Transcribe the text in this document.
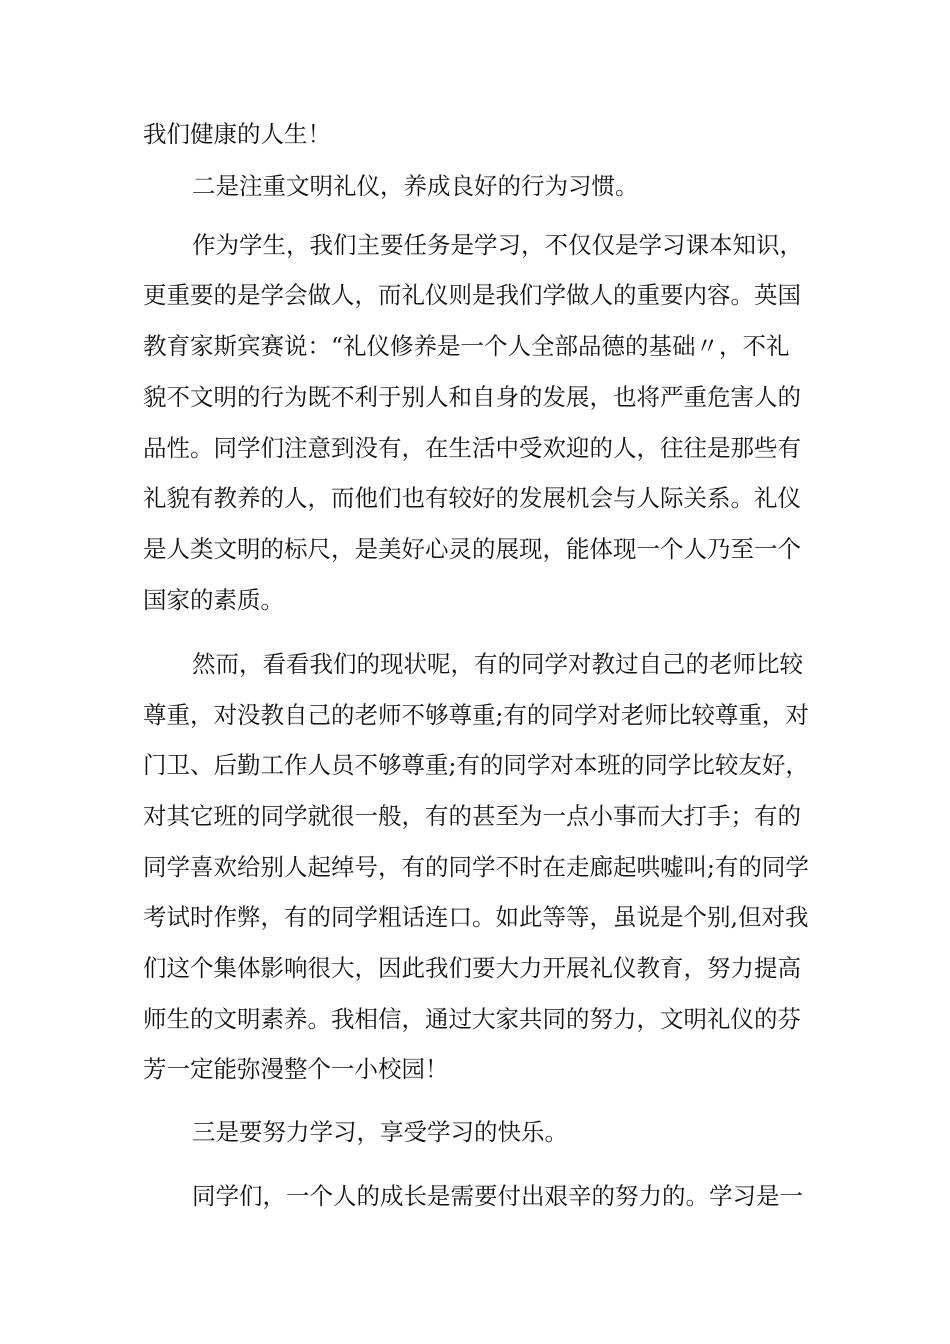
我们健康的人生！

二是注重文明礼仪，养成良好的行为习惯。

作为学生，我们主要任务是学习，不仅仅是学习课本知识，

更重要的是学会做人，而礼仪则是我们学做人的重要内容。英国

教育家斯宾赛说：“礼仪修养是一个人全部品德的基础〃，不礼

貌不文明的行为既不利于别人和自身的发展，也将严重危害人的

品性。同学们注意到没有，在生活中受欢迎的人，往往是那些有

礼貌有教养的人，而他们也有较好的发展机会与人际关系。礼仪

是人类文明的标尺，是美好心灵的展现，能体现一个人乃至一个

国家的素质。

然而，看看我们的现状呢，有的同学对教过自己的老师比较

尊重，对没教自己的老师不够尊重;有的同学对老师比较尊重，对

门卫、后勤工作人员不够尊重;有的同学对本班的同学比较友好，

对其它班的同学就很一般，有的甚至为一点小事而大打手；有的

同学喜欢给别人起绰号，有的同学不时在走廊起哄嘘叫;有的同学

考试时作弊，有的同学粗话连口。如此等等，虽说是个别,但对我

们这个集体影响很大，因此我们要大力开展礼仪教育，努力提高

师生的文明素养。我相信，通过大家共同的努力，文明礼仪的芬

芳一定能弥漫整个一小校园！

三是要努力学习，享受学习的快乐。

同学们，一个人的成长是需要付出艰辛的努力的。学习是一
